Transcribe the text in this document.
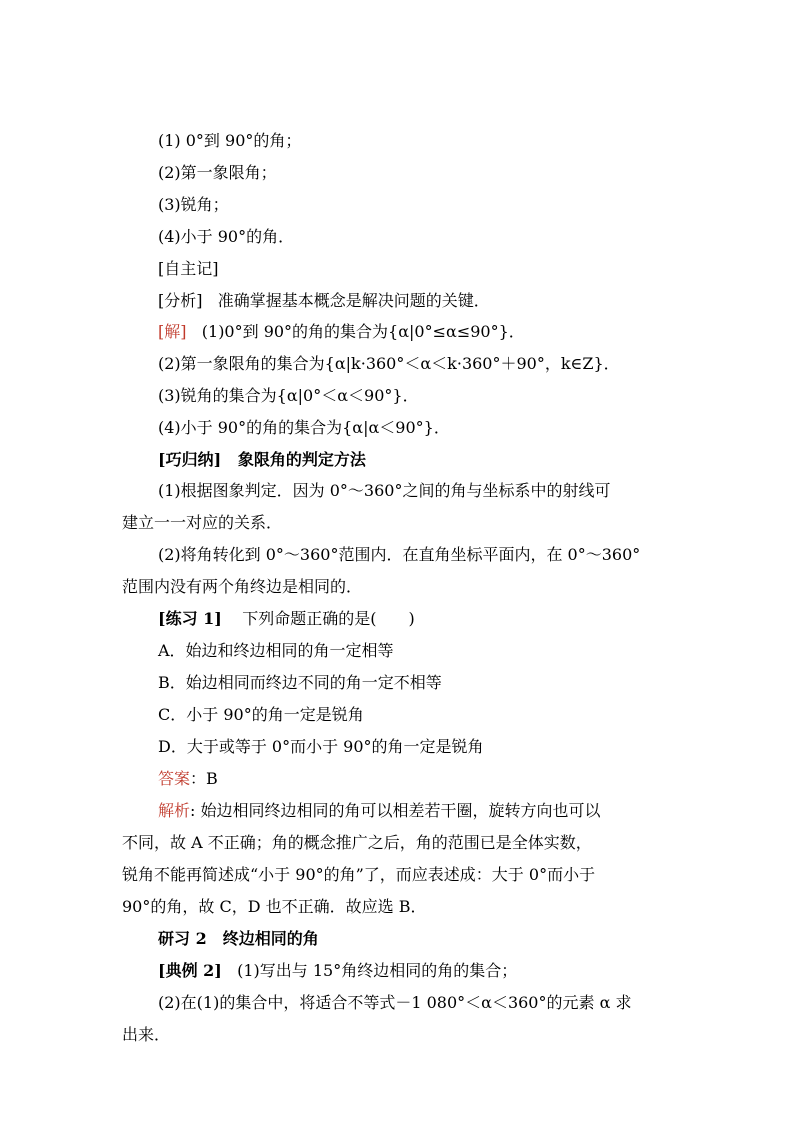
(1) 0°到 90°的角；
(2)第一象限角；
(3)锐角；
(4)小于 90°的角．
[自主记]
[分析] 准确掌握基本概念是解决问题的关键．
[解] (1)0°到 90°的角的集合为{α|0°≤α≤90°}．
(2)第一象限角的集合为{α|k·360°＜α＜k·360°＋90°，k∈Z}．
(3)锐角的集合为{α|0°＜α＜90°}．
(4)小于 90°的角的集合为{α|α＜90°}．
[巧归纳] 象限角的判定方法
(1)根据图象判定．因为 0°～360°之间的角与坐标系中的射线可
建立一一对应的关系．
(2)将角转化到 0°～360°范围内．在直角坐标平面内，在 0°～360°
范围内没有两个角终边是相同的．
[练习 1] 下列命题正确的是(　　)
A．始边和终边相同的角一定相等
B．始边相同而终边不同的角一定不相等
C．小于 90°的角一定是锐角
D．大于或等于 0°而小于 90°的角一定是锐角
答案：B
解析: 始边相同终边相同的角可以相差若干圈，旋转方向也可以
不同，故 A 不正确；角的概念推广之后，角的范围已是全体实数，
锐角不能再简述成“小于 90°的角”了，而应表述成：大于 0°而小于
90°的角，故 C，D 也不正确．故应选 B．
研习 2　终边相同的角
[典例 2] (1)写出与 15°角终边相同的角的集合；
(2)在(1)的集合中，将适合不等式－1 080°＜α＜360°的元素 α 求
出来．
